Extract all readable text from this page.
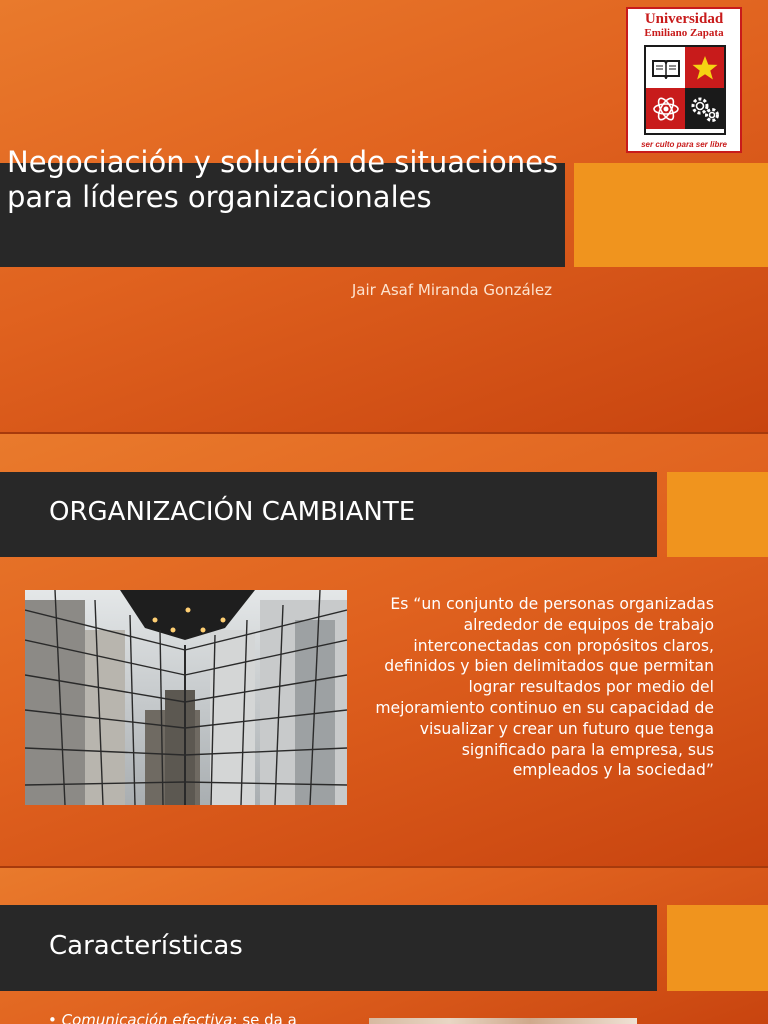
Negociación y solución de situaciones para líderes organizacionales
Jair Asaf Miranda González
Universidad
Emiliano Zapata
ser culto para ser libre
ORGANIZACIÓN CAMBIANTE
Es “un conjunto de personas organizadas alrededor de equipos de trabajo interconectadas con propósitos claros, definidos y bien delimitados que permitan lograr resultados por medio del mejoramiento continuo en su capacidad de visualizar y crear un futuro que tenga significado para la empresa, sus empleados y la sociedad”
Características
• Comunicación efectiva: se da a
